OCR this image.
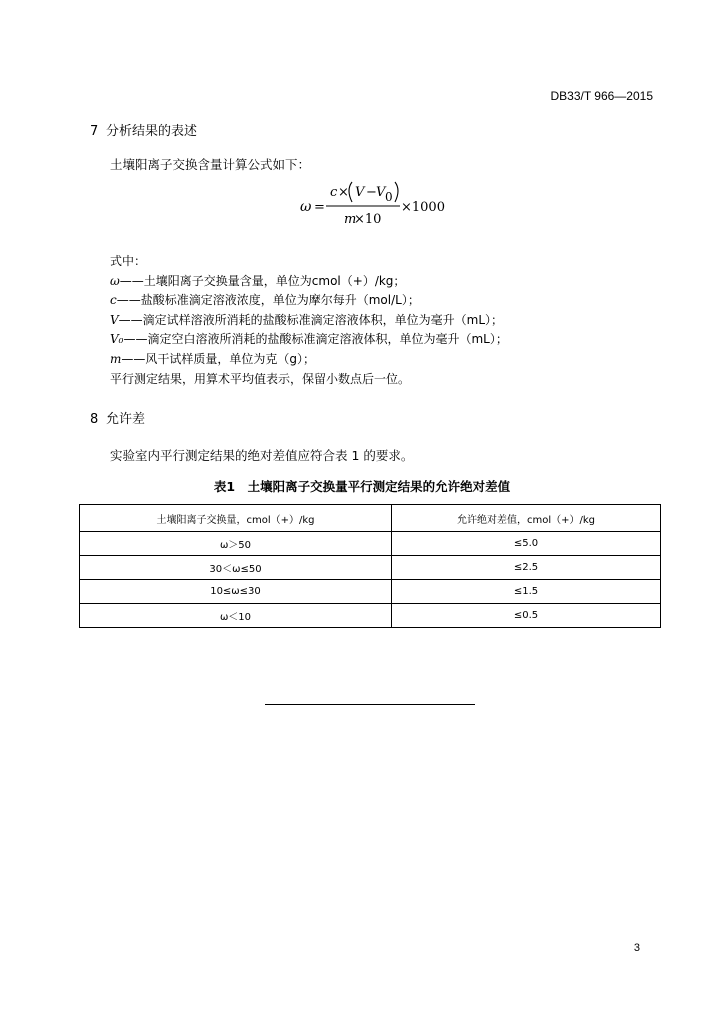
DB33/T 966—2015
7 分析结果的表述
土壤阳离子交换含量计算公式如下：
ω =
c × V − V 0
m
×10
×1000
式中：
ω——土壤阳离子交换量含量，单位为cmol（+）/kg；
c——盐酸标准滴定溶液浓度，单位为摩尔每升（mol/L）；
V——滴定试样溶液所消耗的盐酸标准滴定溶液体积，单位为毫升（mL）；
V₀——滴定空白溶液所消耗的盐酸标准滴定溶液体积，单位为毫升（mL）；
m——风干试样质量，单位为克（g）；
平行测定结果，用算术平均值表示，保留小数点后一位。
8 允许差
实验室内平行测定结果的绝对差值应符合表 1 的要求。
表1　土壤阳离子交换量平行测定结果的允许绝对差值
土壤阳离子交换量，cmol（+）/kg	允许绝对差值，cmol（+）/kg
ω＞50	≤5.0
30＜ω≤50	≤2.5
10≤ω≤30	≤1.5
ω＜10	≤0.5
3
